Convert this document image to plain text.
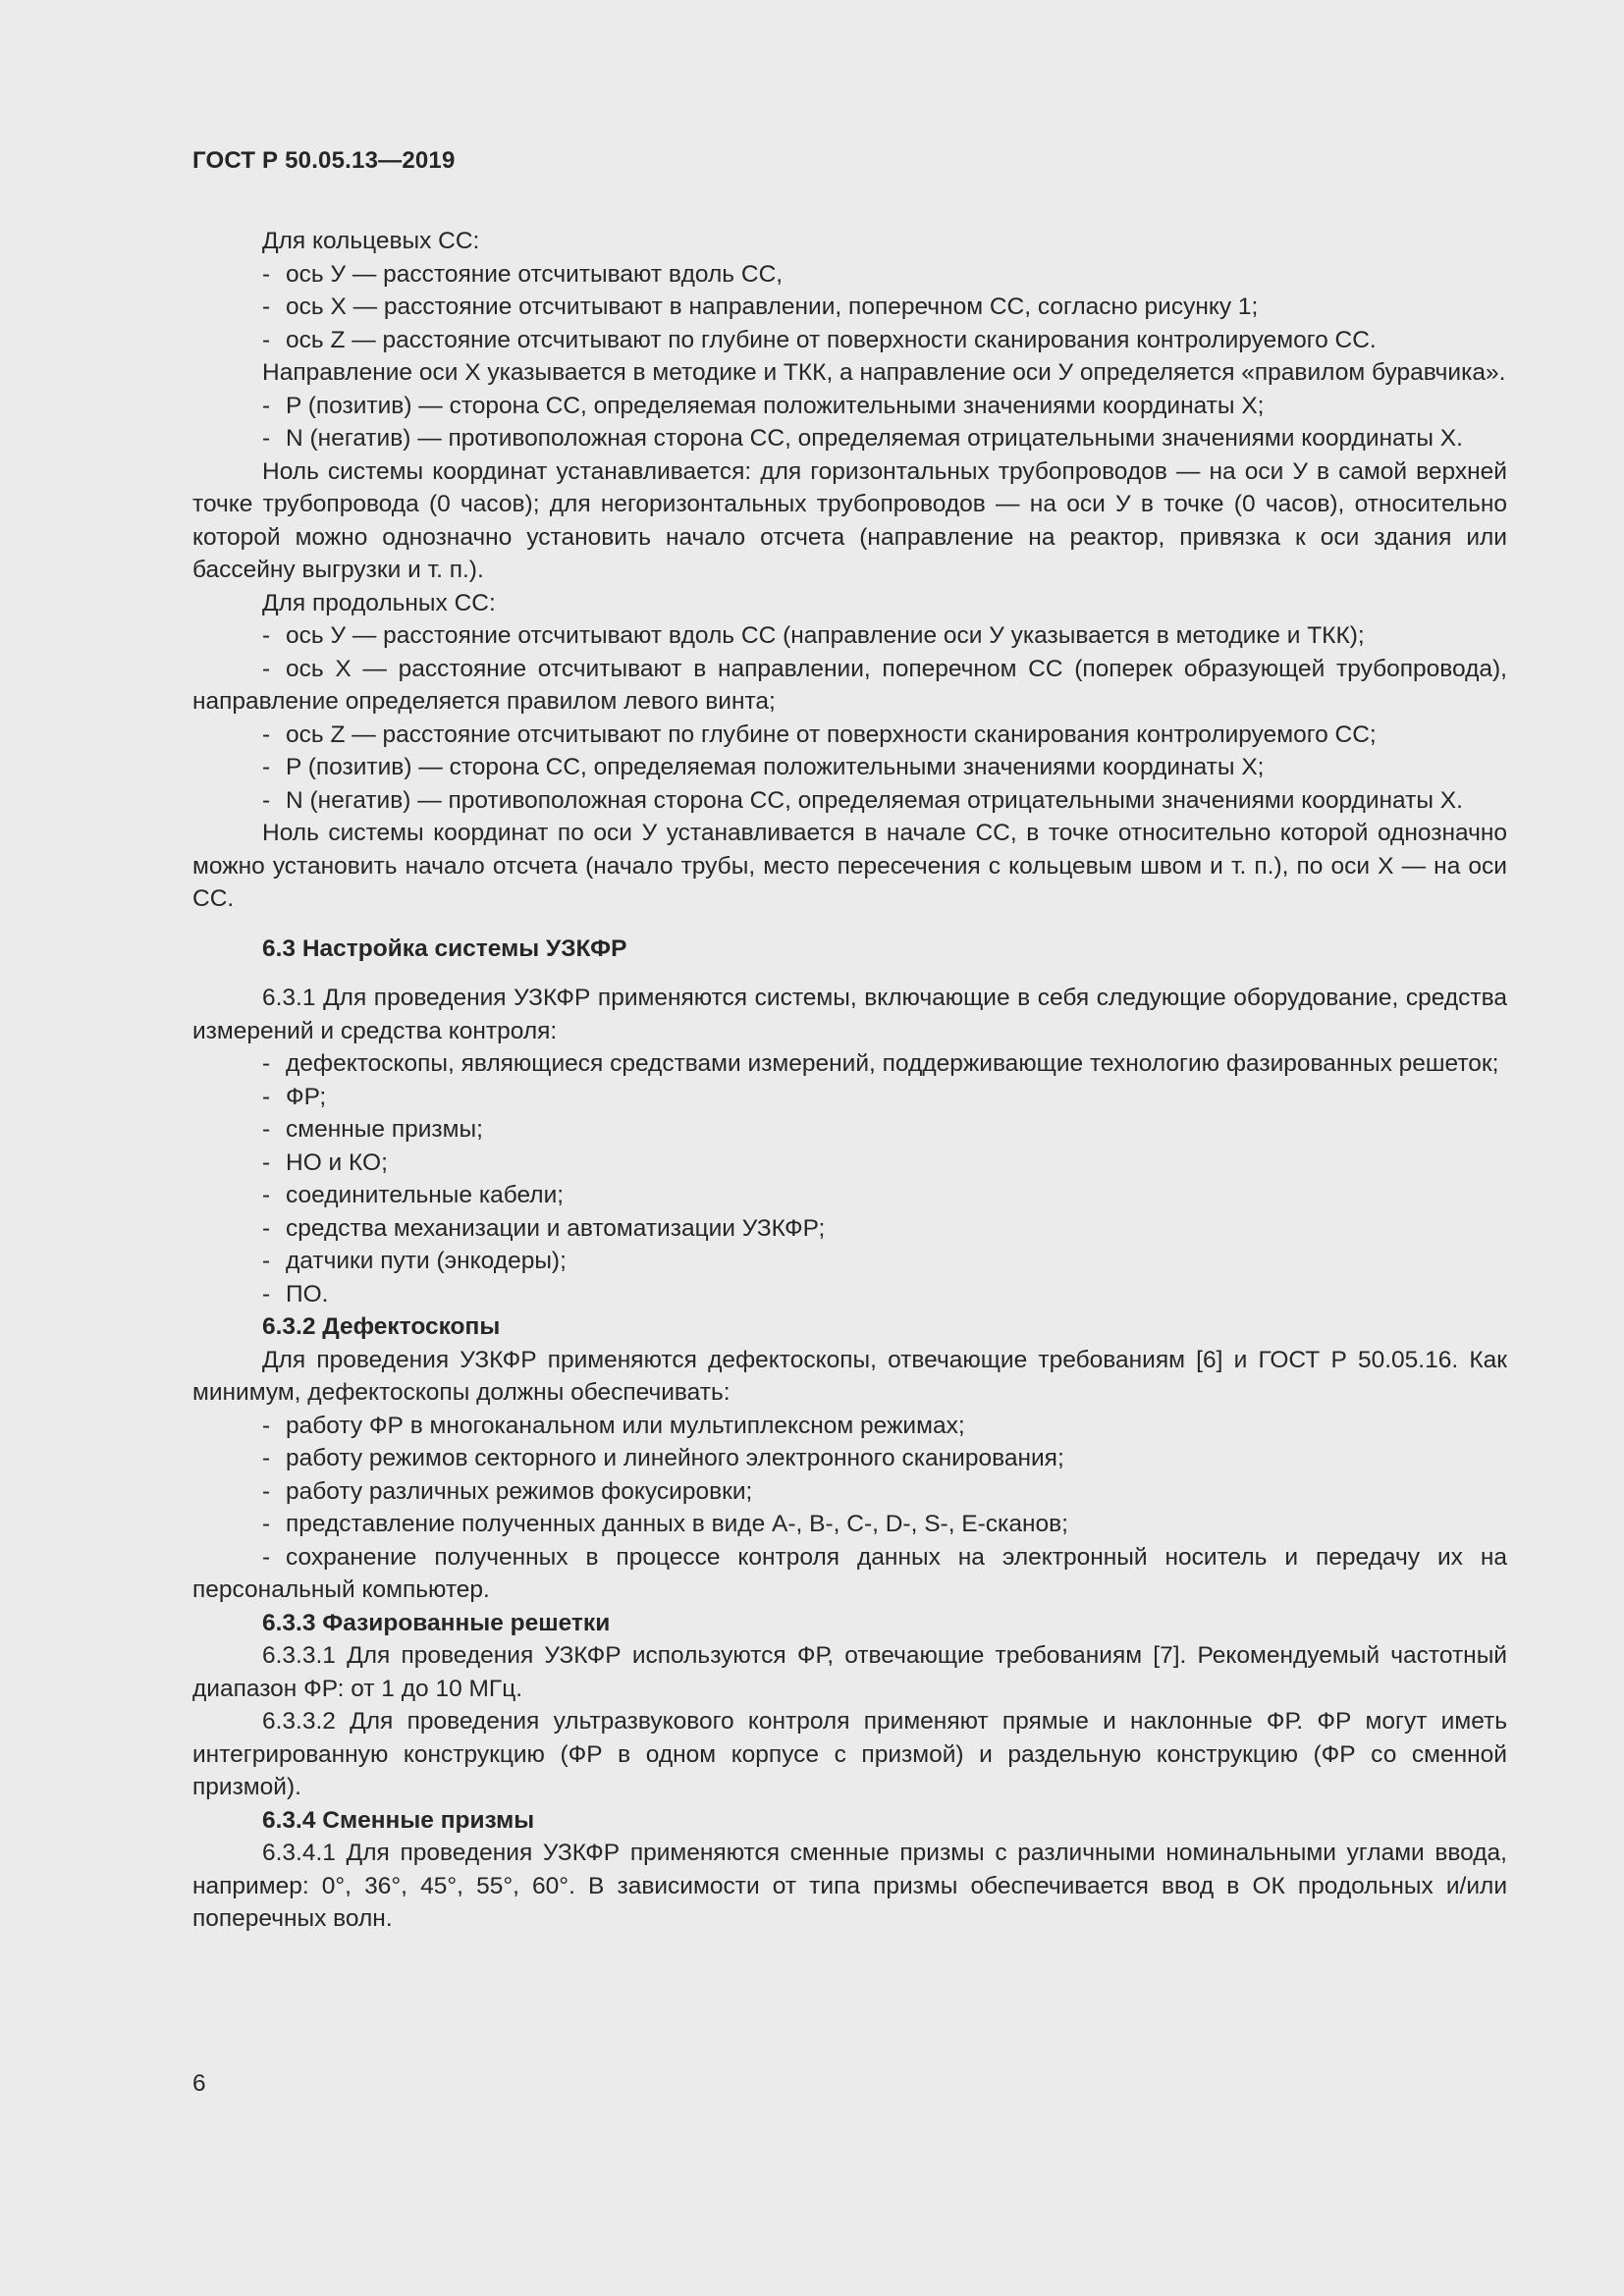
ГОСТ Р 50.05.13—2019

Для кольцевых СС:

- ось У — расстояние отсчитывают вдоль СС,

- ось X — расстояние отсчитывают в направлении, поперечном СС, согласно рисунку 1;

- ось Z — расстояние отсчитывают по глубине от поверхности сканирования контролируемого СС.

Направление оси X указывается в методике и ТКК, а направление оси У определяется «правилом буравчика».

- P (позитив) — сторона СС, определяемая положительными значениями координаты X;

- N (негатив) — противоположная сторона СС, определяемая отрицательными значениями координаты X.

Ноль системы координат устанавливается: для горизонтальных трубопроводов — на оси У в самой верхней точке трубопровода (0 часов); для негоризонтальных трубопроводов — на оси У в точке (0 часов), относительно которой можно однозначно установить начало отсчета (направление на реактор, привязка к оси здания или бассейну выгрузки и т. п.).

Для продольных СС:

- ось У — расстояние отсчитывают вдоль СС (направление оси У указывается в методике и ТКК);

- ось X — расстояние отсчитывают в направлении, поперечном СС (поперек образующей трубопровода), направление определяется правилом левого винта;

- ось Z — расстояние отсчитывают по глубине от поверхности сканирования контролируемого СС;

- P (позитив) — сторона СС, определяемая положительными значениями координаты X;

- N (негатив) — противоположная сторона СС, определяемая отрицательными значениями координаты X.

Ноль системы координат по оси У устанавливается в начале СС, в точке относительно которой однозначно можно установить начало отсчета (начало трубы, место пересечения с кольцевым швом и т. п.), по оси X — на оси СС.

6.3 Настройка системы УЗКФР

6.3.1 Для проведения УЗКФР применяются системы, включающие в себя следующие оборудование, средства измерений и средства контроля:

- дефектоскопы, являющиеся средствами измерений, поддерживающие технологию фазированных решеток;

- ФР;

- сменные призмы;

- НО и КО;

- соединительные кабели;

- средства механизации и автоматизации УЗКФР;

- датчики пути (энкодеры);

- ПО.

6.3.2 Дефектоскопы

Для проведения УЗКФР применяются дефектоскопы, отвечающие требованиям [6] и ГОСТ Р 50.05.16. Как минимум, дефектоскопы должны обеспечивать:

- работу ФР в многоканальном или мультиплексном режимах;

- работу режимов секторного и линейного электронного сканирования;

- работу различных режимов фокусировки;

- представление полученных данных в виде А-, B-, C-, D-, S-, E-сканов;

- сохранение полученных в процессе контроля данных на электронный носитель и передачу их на персональный компьютер.

6.3.3 Фазированные решетки

6.3.3.1 Для проведения УЗКФР используются ФР, отвечающие требованиям [7]. Рекомендуемый частотный диапазон ФР: от 1 до 10 МГц.

6.3.3.2 Для проведения ультразвукового контроля применяют прямые и наклонные ФР. ФР могут иметь интегрированную конструкцию (ФР в одном корпусе с призмой) и раздельную конструкцию (ФР со сменной призмой).

6.3.4 Сменные призмы

6.3.4.1 Для проведения УЗКФР применяются сменные призмы с различными номинальными углами ввода, например: 0°, 36°, 45°, 55°, 60°. В зависимости от типа призмы обеспечивается ввод в ОК продольных и/или поперечных волн.

6
